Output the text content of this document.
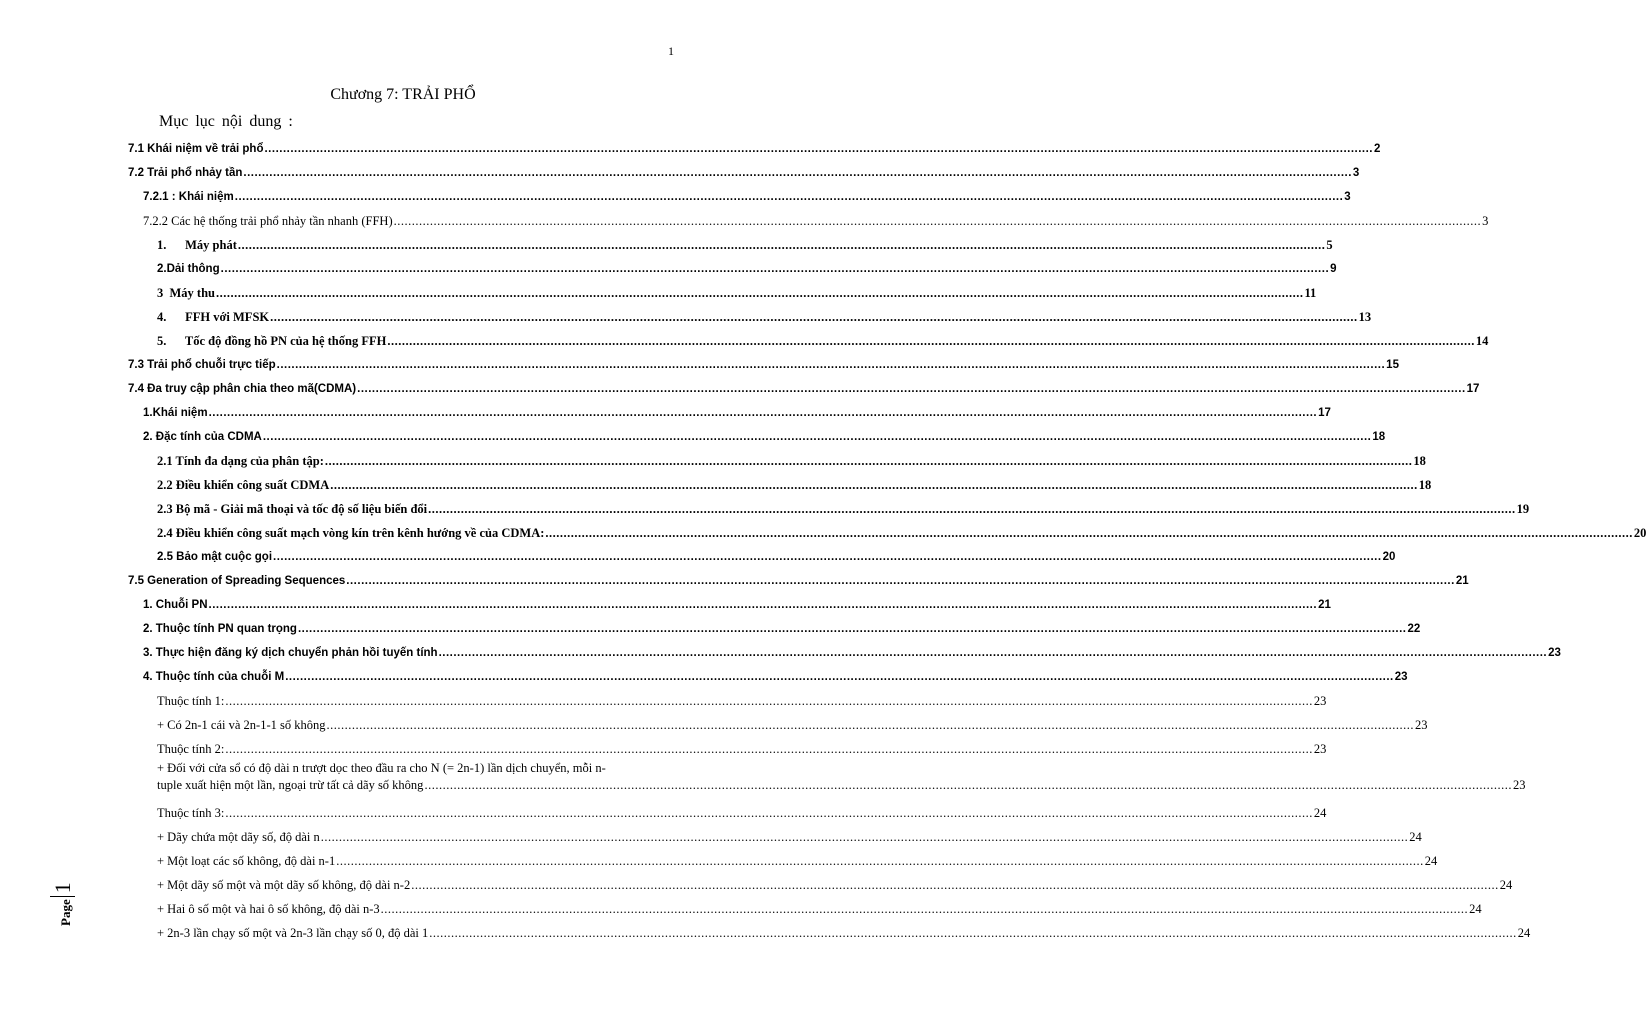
1
Chương 7: TRẢI PHỔ
Mục lục nội dung :
7.1 Khái niệm về trải phổ ............................................................................................................................................................................................................................................................................................................ 2
7.2 Trải phổ nhảy tần ............................................................................................................................................................................................................................................................................................................ 3
7.2.1 : Khái niệm ............................................................................................................................................................................................................................................................................................................ 3
7.2.2 Các hệ thống trải phổ nhảy tần nhanh (FFH) ............................................................................................................................................................................................................................................................................................................ 3
1.      Máy phát ............................................................................................................................................................................................................................................................................................................ 5
2.Dải thông ............................................................................................................................................................................................................................................................................................................ 9
3  Máy thu ............................................................................................................................................................................................................................................................................................................ 11
4.      FFH với MFSK ............................................................................................................................................................................................................................................................................................................ 13
5.      Tốc độ đồng hồ PN của hệ thống FFH ............................................................................................................................................................................................................................................................................................................ 14
7.3 Trải phổ chuỗi trực tiếp ............................................................................................................................................................................................................................................................................................................ 15
7.4 Đa truy cập phân chia theo mã(CDMA) ............................................................................................................................................................................................................................................................................................................ 17
1.Khái niệm ............................................................................................................................................................................................................................................................................................................ 17
2. Đặc tính của CDMA ............................................................................................................................................................................................................................................................................................................ 18
2.1 Tính đa dạng của phân tập: ............................................................................................................................................................................................................................................................................................................ 18
2.2 Điều khiển công suất CDMA ............................................................................................................................................................................................................................................................................................................ 18
2.3 Bộ mã - Giải mã thoại và tốc độ số liệu biến đổi ............................................................................................................................................................................................................................................................................................................ 19
2.4 Điều khiển công suất mạch vòng kín trên kênh hướng về của CDMA: ............................................................................................................................................................................................................................................................................................................ 20
2.5 Bảo mật cuộc gọi ............................................................................................................................................................................................................................................................................................................ 20
7.5 Generation of Spreading Sequences ............................................................................................................................................................................................................................................................................................................ 21
1. Chuỗi PN ............................................................................................................................................................................................................................................................................................................ 21
2. Thuộc tính PN quan trọng ............................................................................................................................................................................................................................................................................................................ 22
3. Thực hiện đăng ký dịch chuyển phản hồi tuyến tính ............................................................................................................................................................................................................................................................................................................ 23
4. Thuộc tính của chuỗi M ............................................................................................................................................................................................................................................................................................................ 23
Thuộc tính 1: ............................................................................................................................................................................................................................................................................................................ 23
+ Có 2n-1 cái và 2n-1-1 số không ............................................................................................................................................................................................................................................................................................................ 23
Thuộc tính 2: ............................................................................................................................................................................................................................................................................................................ 23
+ Đối với cửa sổ có độ dài n trượt dọc theo đầu ra cho N (= 2n-1) lần dịch chuyển, mỗi n-
tuple xuất hiện một lần, ngoại trừ tất cả dãy số không ............................................................................................................................................................................................................................................................................................................ 23
Thuộc tính 3: ............................................................................................................................................................................................................................................................................................................ 24
+ Dãy chứa một dãy số, độ dài n ............................................................................................................................................................................................................................................................................................................ 24
+ Một loạt các số không, độ dài n-1 ............................................................................................................................................................................................................................................................................................................ 24
+ Một dãy số một và một dãy số không, độ dài n-2 ............................................................................................................................................................................................................................................................................................................ 24
+ Hai ô số một và hai ô số không, độ dài n-3 ............................................................................................................................................................................................................................................................................................................ 24
+ 2n-3 lần chạy số một và 2n-3 lần chạy số 0, độ dài 1 ............................................................................................................................................................................................................................................................................................................ 24
Page1
